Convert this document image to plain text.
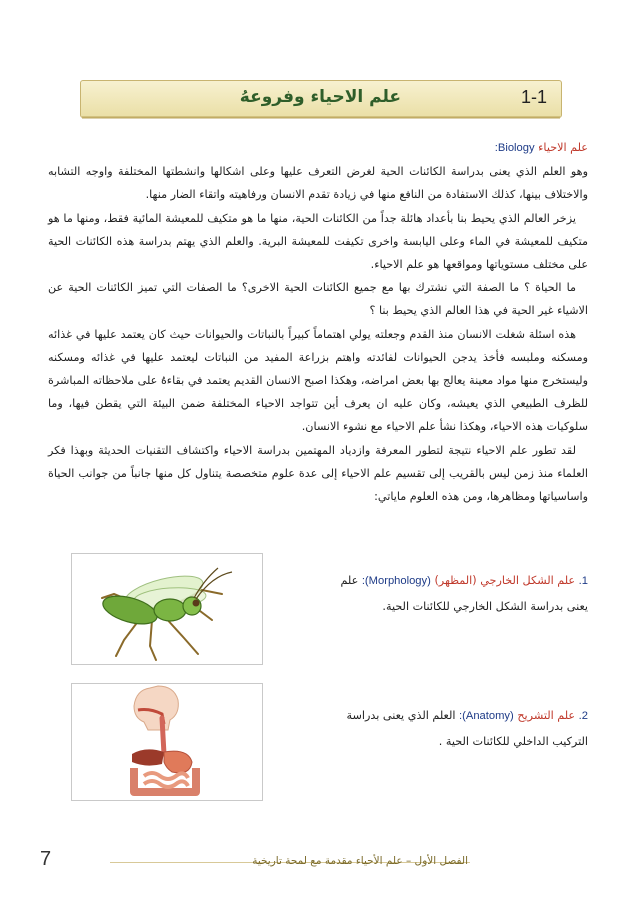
1-1
علم الاحياء وفروعهُ

علم الاحياء Biology:

وهو العلم الذي يعنى بدراسة الكائنات الحية لغرض التعرف عليها وعلى اشكالها وانشطتها المختلفة واوجه التشابه والاختلاف بينها، كذلك الاستفادة من النافع منها في زيادة تقدم الانسان ورفاهيته واتقاء الضار منها.

يزخر العالم الذي يحيط بنا بأعداد هائلة جداً من الكائنات الحية، منها ما هو متكيف للمعيشة المائية فقط، ومنها ما هو متكيف للمعيشة في الماء وعلى اليابسة واخرى تكيفت للمعيشة البرية. والعلم الذي يهتم بدراسة هذه الكائنات الحية على مختلف مستوياتها ومواقعها هو علم الاحياء.

ما الحياة ؟ ما الصفة التي نشترك بها مع جميع الكائنات الحية الاخرى؟ ما الصفات التي تميز الكائنات الحية عن الاشياء غير الحية في هذا العالم الذي يحيط بنا ؟

هذه اسئلة شغلت الانسان منذ القدم وجعلته يولي اهتماماً كبيراً بالنباتات والحيوانات حيث كان يعتمد عليها في غذائه ومسكنه وملبسه فأخذ يدجن الحيوانات لفائدته واهتم بزراعة المفيد من النباتات ليعتمد عليها في غذائه ومسكنه وليستخرج منها مواد معينة يعالج بها بعض امراضه، وهكذا اصبح الانسان القديم يعتمد في بقاءهُ على ملاحظاته المباشرة للظرف الطبيعي الذي يعيشه، وكان عليه ان يعرف أين تتواجد الاحياء المختلفة ضمن البيئة التي يقطن فيها، وما سلوكيات هذه الاحياء، وهكذا نشأ علم الاحياء مع نشوء الانسان.

لقد تطور علم الاحياء نتيجة لتطور المعرفة وازدياد المهتمين بدراسة الاحياء واكتشاف التقنيات الحديثة وبهذا فكر العلماء منذ زمن ليس بالقريب إلى تقسيم علم الاحياء إلى عدة علوم متخصصة يتناول كل منها جانباً من جوانب الحياة واساسياتها ومظاهرها، ومن هذه العلوم ماياتي:

1. علم الشكل الخارجي (المظهر) (Morphology): علم
يعنى بدراسة الشكل الخارجي للكائنات الحية.
2. علم التشريح (Anatomy): العلم الذي يعنى بدراسة
التركيب الداخلي للكائنات الحية .
الفصل الأول – علم الأحياء مقدمة مع لمحة تاريخية
7
